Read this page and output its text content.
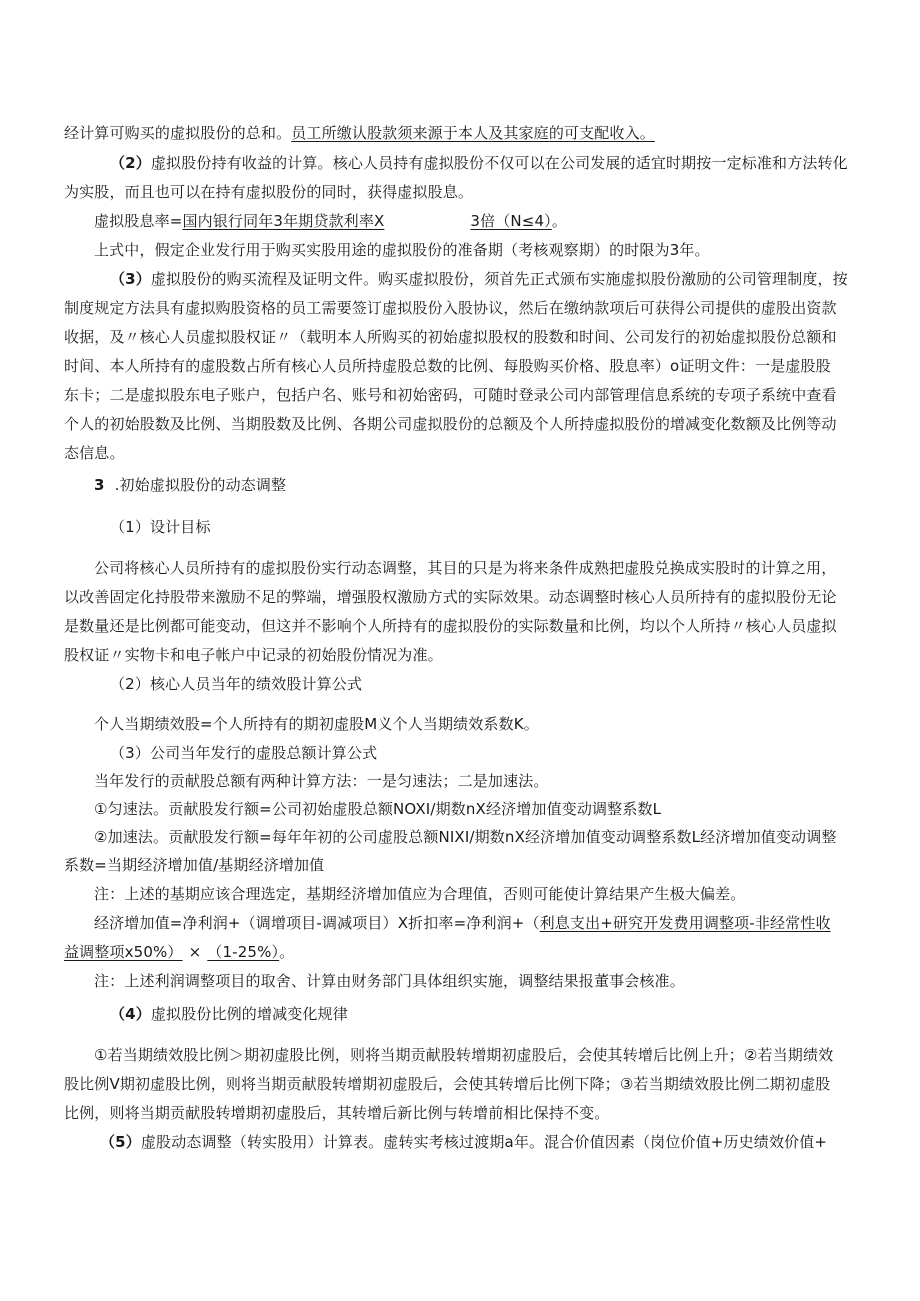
经计算可购买的虚拟股份的总和。员工所缴认股款须来源于本人及其家庭的可支配收入。
（2）虚拟股份持有收益的计算。核心人员持有虚拟股份不仅可以在公司发展的适宜时期按一定标准和方法转化
为实股，而且也可以在持有虚拟股份的同时，获得虚拟股息。
虚拟股息率=国内银行同年3年期贷款利率X	3倍（N≤4）。
上式中，假定企业发行用于购买实股用途的虚拟股份的准备期（考核观察期）的时限为3年。
（3）虚拟股份的购买流程及证明文件。购买虚拟股份，须首先正式颁布实施虚拟股份激励的公司管理制度，按
制度规定方法具有虚拟购股资格的员工需要签订虚拟股份入股协议，然后在缴纳款项后可获得公司提供的虚股出资款
收据，及〃核心人员虚拟股权证〃（载明本人所购买的初始虚拟股权的股数和时间、公司发行的初始虚拟股份总额和
时间、本人所持有的虚股数占所有核心人员所持虚股总数的比例、每股购买价格、股息率）o证明文件：一是虚股股
东卡；二是虚拟股东电子账户，包括户名、账号和初始密码，可随时登录公司内部管理信息系统的专项子系统中查看
个人的初始股数及比例、当期股数及比例、各期公司虚拟股份的总额及个人所持虚拟股份的增减变化数额及比例等动
态信息。
3 .初始虚拟股份的动态调整
（1）设计目标
公司将核心人员所持有的虚拟股份实行动态调整，其目的只是为将来条件成熟把虚股兑换成实股时的计算之用，
以改善固定化持股带来激励不足的弊端，增强股权激励方式的实际效果。动态调整时核心人员所持有的虚拟股份无论
是数量还是比例都可能变动，但这并不影响个人所持有的虚拟股份的实际数量和比例，均以个人所持〃核心人员虚拟
股权证〃实物卡和电子帐户中记录的初始股份情况为准。
（2）核心人员当年的绩效股计算公式
个人当期绩效股=个人所持有的期初虚股M义个人当期绩效系数K。
（3）公司当年发行的虚股总额计算公式
当年发行的贡献股总额有两种计算方法：一是匀速法；二是加速法。
①匀速法。贡献股发行额=公司初始虚股总额NOXI/期数nX经济增加值变动调整系数L
②加速法。贡献股发行额=每年年初的公司虚股总额NIXI/期数nX经济增加值变动调整系数L经济增加值变动调整
系数=当期经济增加值/基期经济增加值
注：上述的基期应该合理选定，基期经济增加值应为合理值，否则可能使计算结果产生极大偏差。
经济增加值=净利润+（调增项目-调减项目）X折扣率=净利润+（利息支出+研究开发费用调整项-非经常性收
益调整项x50%） × （1-25%）。
注：上述利润调整项目的取舍、计算由财务部门具体组织实施，调整结果报董事会核准。
（4）虚拟股份比例的增减变化规律
①若当期绩效股比例＞期初虚股比例，则将当期贡献股转增期初虚股后，会使其转增后比例上升；②若当期绩效
股比例V期初虚股比例，则将当期贡献股转增期初虚股后，会使其转增后比例下降；③若当期绩效股比例二期初虚股
比例，则将当期贡献股转增期初虚股后，其转增后新比例与转增前相比保持不变。
（5）虚股动态调整（转实股用）计算表。虚转实考核过渡期a年。混合价值因素（岗位价值+历史绩效价值+
